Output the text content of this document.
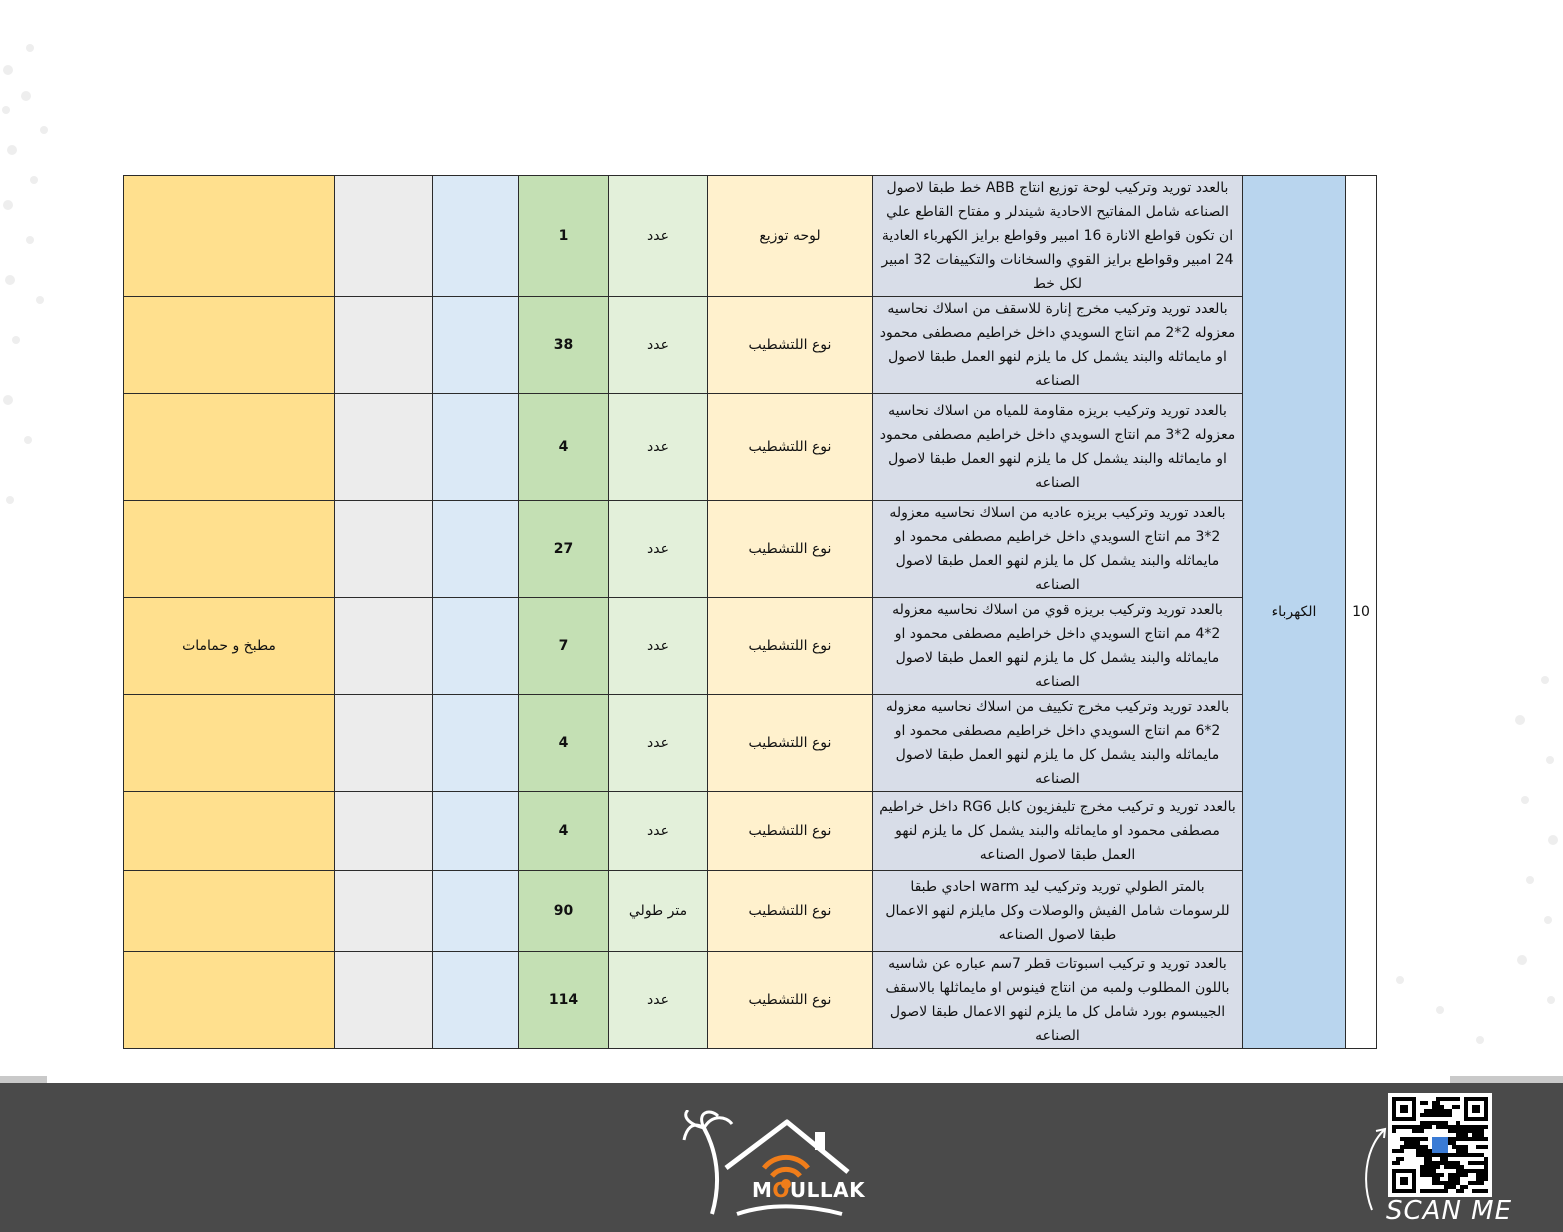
			1	عدد	لوحه توزيع	بالعدد توريد وتركيب لوحة توزيع انتاج ABB خط طبقا لاصول الصناعه شامل المفاتيح الاحادية شيندلر و مفتاح القاطع علي ان تكون قواطع الانارة 16 امبير وقواطع برايز الكهرباء العادية 24 امبير وقواطع برايز القوي والسخانات والتكييفات 32 امبير لكل خط	الكهرباء	10
			38	عدد	نوع اللتشطيب	بالعدد توريد وتركيب مخرج إنارة للاسقف من اسلاك نحاسيه معزوله 2*2 مم انتاج السويدي داخل خراطيم مصطفى محمود او مايماثله والبند يشمل كل ما يلزم لنهو العمل طبقا لاصول الصناعه		

			4	عدد	نوع اللتشطيب	بالعدد توريد وتركيب بريزه مقاومة للمياه من اسلاك نحاسيه معزوله 2*3 مم انتاج السويدي داخل خراطيم مصطفى محمود او مايماثله والبند يشمل كل ما يلزم لنهو العمل طبقا لاصول الصناعه		

			27	عدد	نوع اللتشطيب	بالعدد توريد وتركيب بريزه عاديه من اسلاك نحاسيه معزوله 2*3 مم انتاج السويدي داخل خراطيم مصطفى محمود او مايماثله والبند يشمل كل ما يلزم لنهو العمل طبقا لاصول الصناعه		

مطبخ و حمامات			7	عدد	نوع اللتشطيب	بالعدد توريد وتركيب بريزه قوي من اسلاك نحاسيه معزوله 2*4 مم انتاج السويدي داخل خراطيم مصطفى محمود او مايماثله والبند يشمل كل ما يلزم لنهو العمل طبقا لاصول الصناعه		

			4	عدد	نوع اللتشطيب	بالعدد توريد وتركيب مخرج تكييف من اسلاك نحاسيه معزوله 2*6 مم انتاج السويدي داخل خراطيم مصطفى محمود او مايماثله والبند يشمل كل ما يلزم لنهو العمل طبقا لاصول الصناعه		

			4	عدد	نوع اللتشطيب	بالعدد توريد و تركيب مخرج تليفزيون كابل RG6 داخل خراطيم مصطفى محمود او مايماثله والبند يشمل كل ما يلزم لنهو العمل طبقا لاصول الصناعه		

			90	متر طولي	نوع اللتشطيب	بالمتر الطولي توريد وتركيب ليد warm احادي طبقا للرسومات شامل الفيش والوصلات وكل مايلزم لنهو الاعمال طبقا لاصول الصناعه		

			114	عدد	نوع اللتشطيب	بالعدد توريد و تركيب اسبوتات قطر 7سم عباره عن شاسيه باللون المطلوب ولمبه من انتاج فينوس او مايماثلها بالاسقف الجيبسوم بورد شامل كل ما يلزم لنهو الاعمال طبقا لاصول الصناعه		
MOULLAK
SCAN ME
